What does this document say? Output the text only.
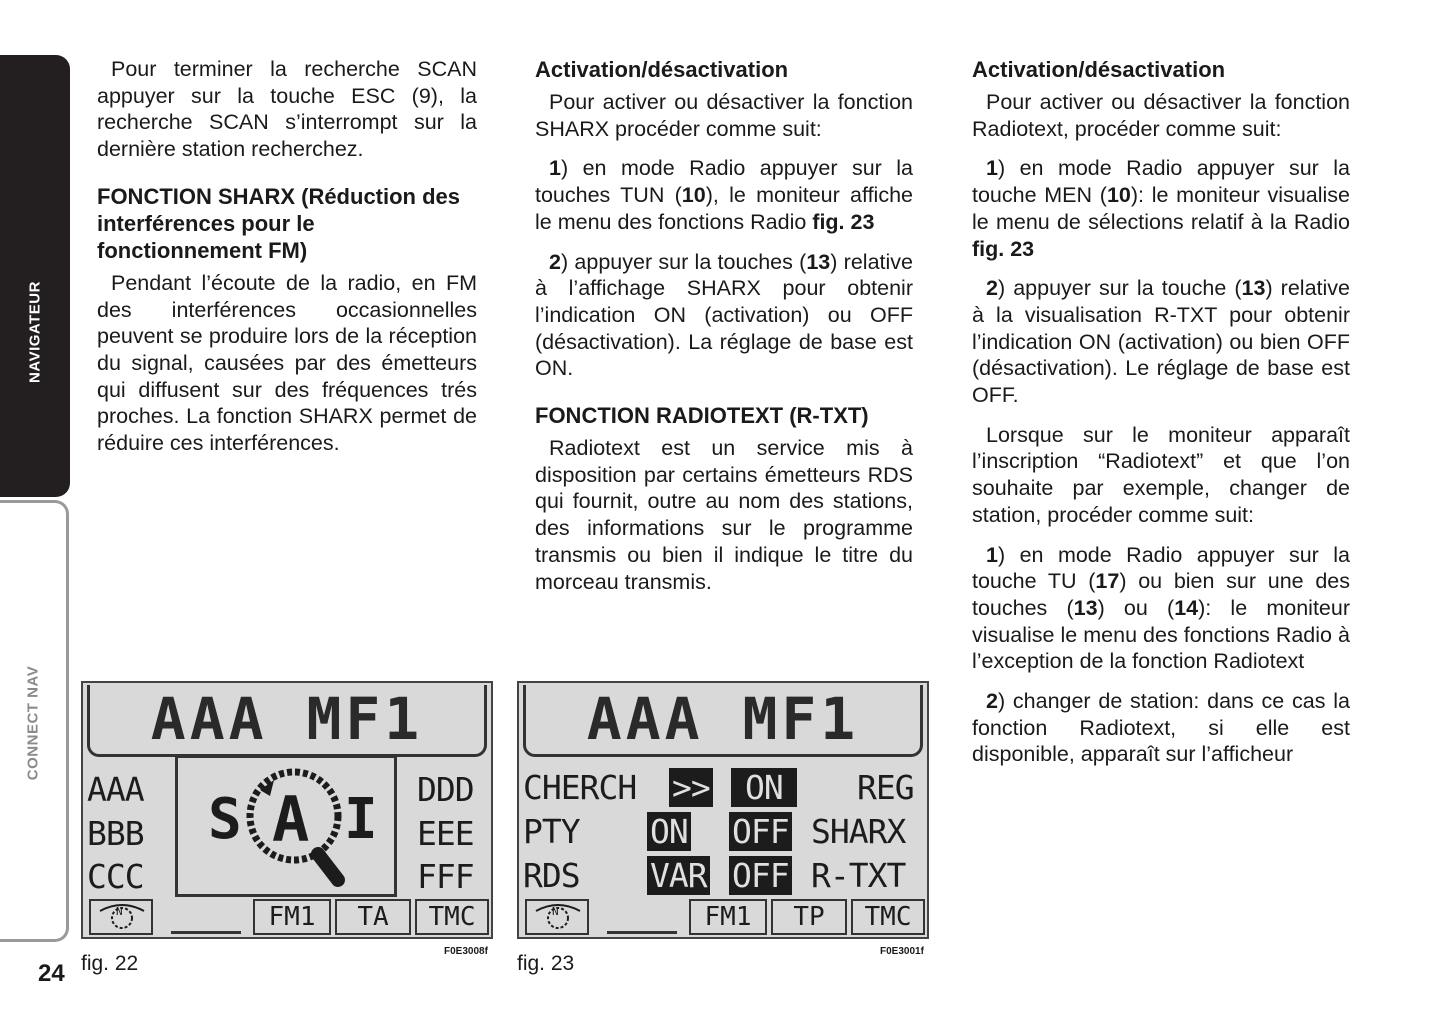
NAVIGATEUR
CONNECT NAV
24

Pour terminer la recherche SCAN appuyer sur la touche ESC (9), la recherche SCAN s’interrompt sur la dernière station recherchez.

FONCTION SHARX (Réduction des interférences pour le fonctionnement FM)

Pendant l’écoute de la radio, en FM des interférences occasionnelles peuvent se produire lors de la réception du signal, causées par des émetteurs qui diffusent sur des fréquences trés proches. La fonction SHARX permet de réduire ces interférences.

Activation/désactivation

Pour activer ou désactiver la fonction SHARX procéder comme suit:

1) en mode Radio appuyer sur la touches TUN (10), le moniteur affiche le menu des fonctions Radio fig. 23

2) appuyer sur la touches (13) relative à l’affichage SHARX pour obtenir l’indication ON (activation) ou OFF (désactivation). La réglage de base est ON.

FONCTION RADIOTEXT (R-TXT)

Radiotext est un service mis à disposition par certains émetteurs RDS qui fournit, outre au nom des stations, des informations sur le programme transmis ou bien il indique le titre du morceau transmis.

Activation/désactivation

Pour activer ou désactiver la fonction Radiotext, procéder comme suit:

1) en mode Radio appuyer sur la touche MEN (10): le moniteur visualise le menu de sélections relatif à la Radio fig. 23

2) appuyer sur la touche (13) relative à la visualisation R-TXT pour obtenir l’indication ON (activation) ou bien OFF (désactivation). Le réglage de base est OFF.

Lorsque sur le moniteur apparaît l’inscription “Radiotext” et que l’on souhaite par exemple, changer de station, procéder comme suit:

1) en mode Radio appuyer sur la touche TU (17) ou bien sur une des touches (13) ou (14): le moniteur visualise le menu des fonctions Radio à l’exception de la fonction Radiotext

2) changer de station: dans ce cas la fonction Radiotext, si elle est disponible, apparaît sur l’afficheur

AAA MF1
AAA
BBB
CCC
DDD
EEE
FFF
S A I
N	FM1	TA	TMC
fig. 22
F0E3008f
AAA MF1
CHERCH >>	ON	REG
PTY ON OFF SHARX
RDS VAR OFF R-TXT
N	FM1	TP	TMC
fig. 23
F0E3001f
